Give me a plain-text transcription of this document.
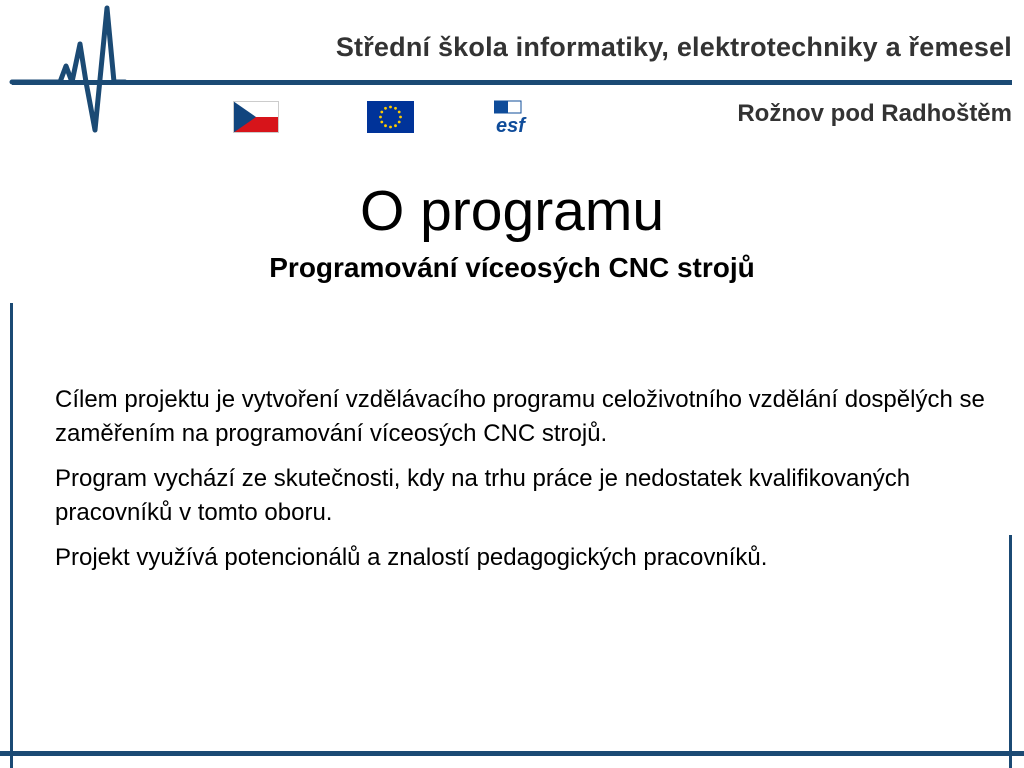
Střední škola informatiky, elektrotechniky a řemesel
esf	Rožnov pod Radhoštěm
O programu
Programování víceosých CNC strojů

Cílem projektu je vytvoření vzdělávacího programu celoživotního vzdělání dospělých se zaměřením na programování víceosých CNC strojů.

Program vychází ze skutečnosti, kdy na trhu práce je nedostatek kvalifikovaných pracovníků v tomto oboru.

Projekt využívá potencionálů a znalostí pedagogických pracovníků.
